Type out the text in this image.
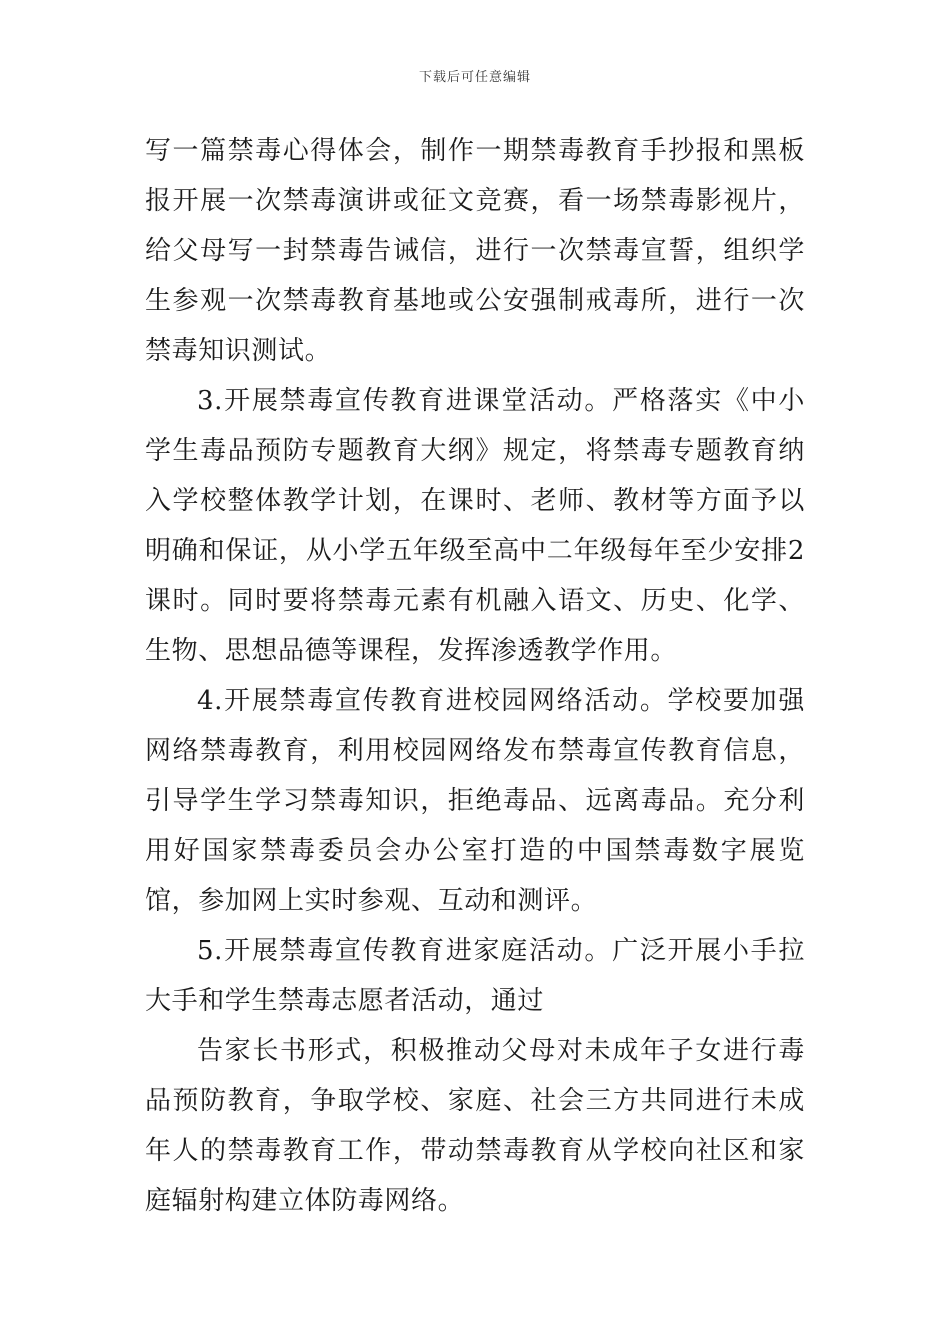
下载后可任意编辑

写一篇禁毒心得体会，制作一期禁毒教育手抄报和黑板报开展一次禁毒演讲或征文竞赛，看一场禁毒影视片，给父母写一封禁毒告诫信，进行一次禁毒宣誓，组织学生参观一次禁毒教育基地或公安强制戒毒所，进行一次禁毒知识测试。

3.开展禁毒宣传教育进课堂活动。严格落实《中小学生毒品预防专题教育大纲》规定，将禁毒专题教育纳入学校整体教学计划，在课时、老师、教材等方面予以明确和保证，从小学五年级至高中二年级每年至少安排2课时。同时要将禁毒元素有机融入语文、历史、化学、生物、思想品德等课程，发挥渗透教学作用。

4.开展禁毒宣传教育进校园网络活动。学校要加强网络禁毒教育，利用校园网络发布禁毒宣传教育信息，引导学生学习禁毒知识，拒绝毒品、远离毒品。充分利用好国家禁毒委员会办公室打造的中国禁毒数字展览馆，参加网上实时参观、互动和测评。

5.开展禁毒宣传教育进家庭活动。广泛开展小手拉大手和学生禁毒志愿者活动，通过

告家长书形式，积极推动父母对未成年子女进行毒品预防教育，争取学校、家庭、社会三方共同进行未成年人的禁毒教育工作，带动禁毒教育从学校向社区和家庭辐射构建立体防毒网络。
